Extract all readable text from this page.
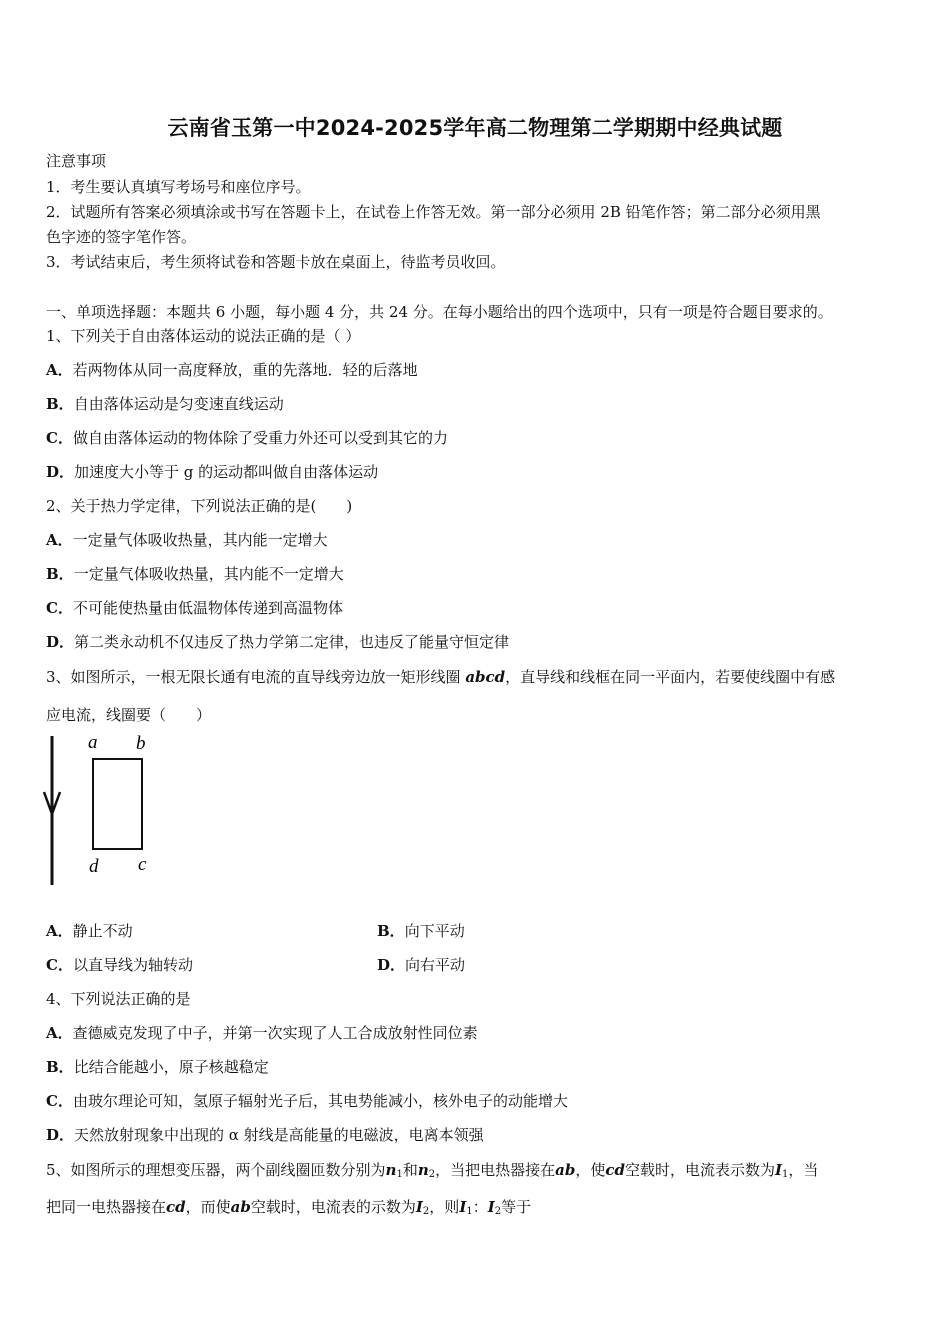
云南省玉第一中2024-2025学年高二物理第二学期期中经典试题
注意事项
1．考生要认真填写考场号和座位序号。
2．试题所有答案必须填涂或书写在答题卡上，在试卷上作答无效。第一部分必须用 2B 铅笔作答；第二部分必须用黑
色字迹的签字笔作答。
3．考试结束后，考生须将试卷和答题卡放在桌面上，待监考员收回。
一、单项选择题：本题共 6 小题，每小题 4 分，共 24 分。在每小题给出的四个选项中，只有一项是符合题目要求的。
1、下列关于自由落体运动的说法正确的是（ ）
A．若两物体从同一高度释放，重的先落地．轻的后落地
B．自由落体运动是匀变速直线运动
C．做自由落体运动的物体除了受重力外还可以受到其它的力
D．加速度大小等于 g 的运动都叫做自由落体运动
2、关于热力学定律，下列说法正确的是(　　)
A．一定量气体吸收热量，其内能一定增大
B．一定量气体吸收热量，其内能不一定增大
C．不可能使热量由低温物体传递到高温物体
D．第二类永动机不仅违反了热力学第二定律，也违反了能量守恒定律
3、如图所示，一根无限长通有电流的直导线旁边放一矩形线圈 abcd，直导线和线框在同一平面内，若要使线圈中有感
应电流，线圈要（　　）
a b
d c
A．静止不动	B．向下平动
C．以直导线为轴转动	D．向右平动
4、下列说法正确的是
A．查德威克发现了中子，并第一次实现了人工合成放射性同位素
B．比结合能越小，原子核越稳定
C．由玻尔理论可知，氢原子辐射光子后，其电势能减小，核外电子的动能增大
D．天然放射现象中出现的 α 射线是高能量的电磁波，电离本领强
5、如图所示的理想变压器，两个副线圈匝数分别为$n_1$和$n_2$，当把电热器接在ab，使cd空载时，电流表示数为$I_1$，当
把同一电热器接在cd，而使ab空载时，电流表的示数为$I_2$，则$I_1$：$I_2$等于
